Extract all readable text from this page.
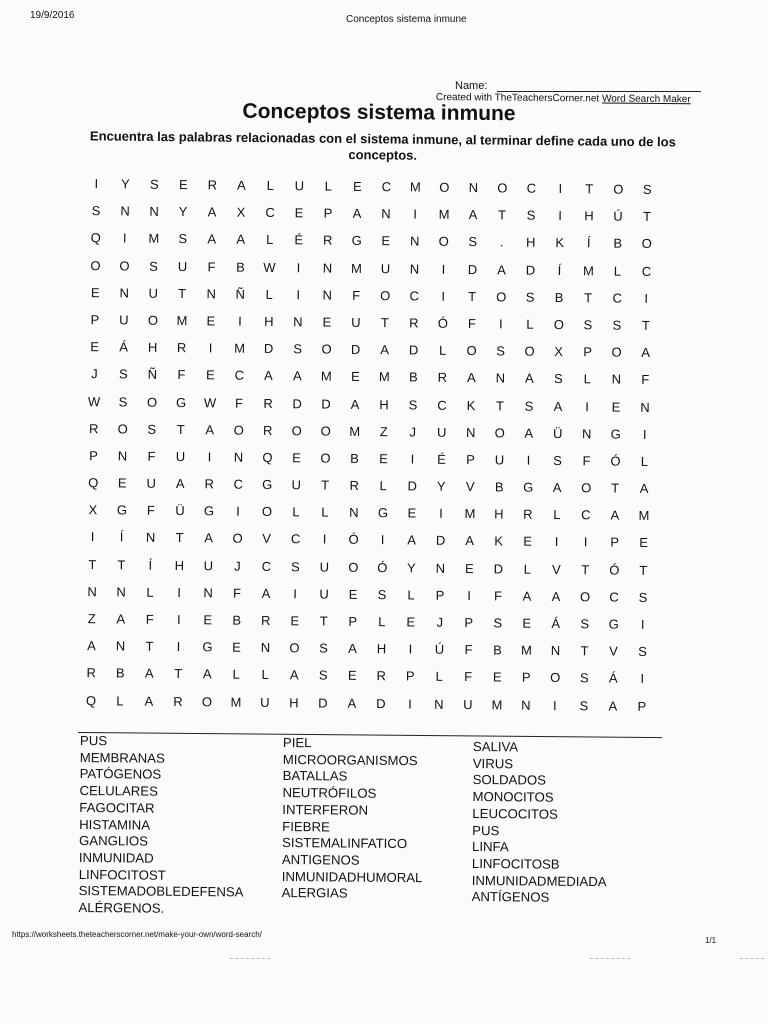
19/9/2016	Conceptos sistema inmune
Name:
Created with TheTeachersCorner.net Word Search Maker
Conceptos sistema inmune
Encuentra las palabras relacionadas con el sistema inmune, al terminar define cada uno de los conceptos.
I	Y	S	E	R	A	L	U	L	E	C	M	O	N	O	C	I	T	O	S
S	N	N	Y	A	X	C	E	P	A	N	I	M	A	T	S	I	H	Ú	T
Q	I	M	S	A	A	L	É	R	G	E	N	O	S	.	H	K	Í	B	O
O	O	S	U	F	B	W	I	N	M	U	N	I	D	A	D	Í	M	L	C
E	N	U	T	N	Ñ	L	I	N	F	O	C	I	T	O	S	B	T	C	I
P	U	O	M	E	I	H	N	E	U	T	R	Ó	F	I	L	O	S	S	T
E	Á	H	R	I	M	D	S	O	D	A	D	L	O	S	O	X	P	O	A
J	S	Ñ	F	E	C	A	A	M	E	M	B	R	A	N	A	S	L	N	F
W	S	O	G	W	F	R	D	D	A	H	S	C	K	T	S	A	I	E	N
R	O	S	T	A	O	R	O	O	M	Z	J	U	N	O	A	Ü	N	G	I
P	N	F	U	I	N	Q	E	O	B	E	I	É	P	U	I	S	F	Ó	L
Q	E	U	A	R	C	G	U	T	R	L	D	Y	V	B	G	A	O	T	A
X	G	F	Ü	G	I	O	L	L	N	G	E	I	M	H	R	L	C	A	M
I	Í	N	T	A	O	V	C	I	Ó	I	A	D	A	K	E	I	I	P	E
T	T	Í	H	U	J	C	S	U	O	Ó	Y	N	E	D	L	V	T	Ó	T
N	N	L	I	N	F	A	I	U	E	S	L	P	I	F	A	A	O	C	S
Z	A	F	I	E	B	R	E	T	P	L	E	J	P	S	E	Á	S	G	I
A	N	T	I	G	E	N	O	S	A	H	I	Ú	F	B	M	N	T	V	S
R	B	A	T	A	L	L	A	S	E	R	P	L	F	E	P	O	S	Á	I
Q	L	A	R	O	M	U	H	D	A	D	I	N	U	M	N	I	S	A	P
PUS
MEMBRANAS
PATÓGENOS
CELULARES
FAGOCITAR
HISTAMINA
GANGLIOS
INMUNIDAD
LINFOCITOST
SISTEMADOBLEDEFENSA
ALÉRGENOS.
PIEL
MICROORGANISMOS
BATALLAS
NEUTRÓFILOS
INTERFERON
FIEBRE
SISTEMALINFATICO
ANTIGENOS
INMUNIDADHUMORAL
ALERGIAS
SALIVA
VIRUS
SOLDADOS
MONOCITOS
LEUCOCITOS
PUS
LINFA
LINFOCITOSB
INMUNIDADMEDIADA
ANTÍGENOS
https://worksheets.theteacherscorner.net/make-your-own/word-search/
1/1
